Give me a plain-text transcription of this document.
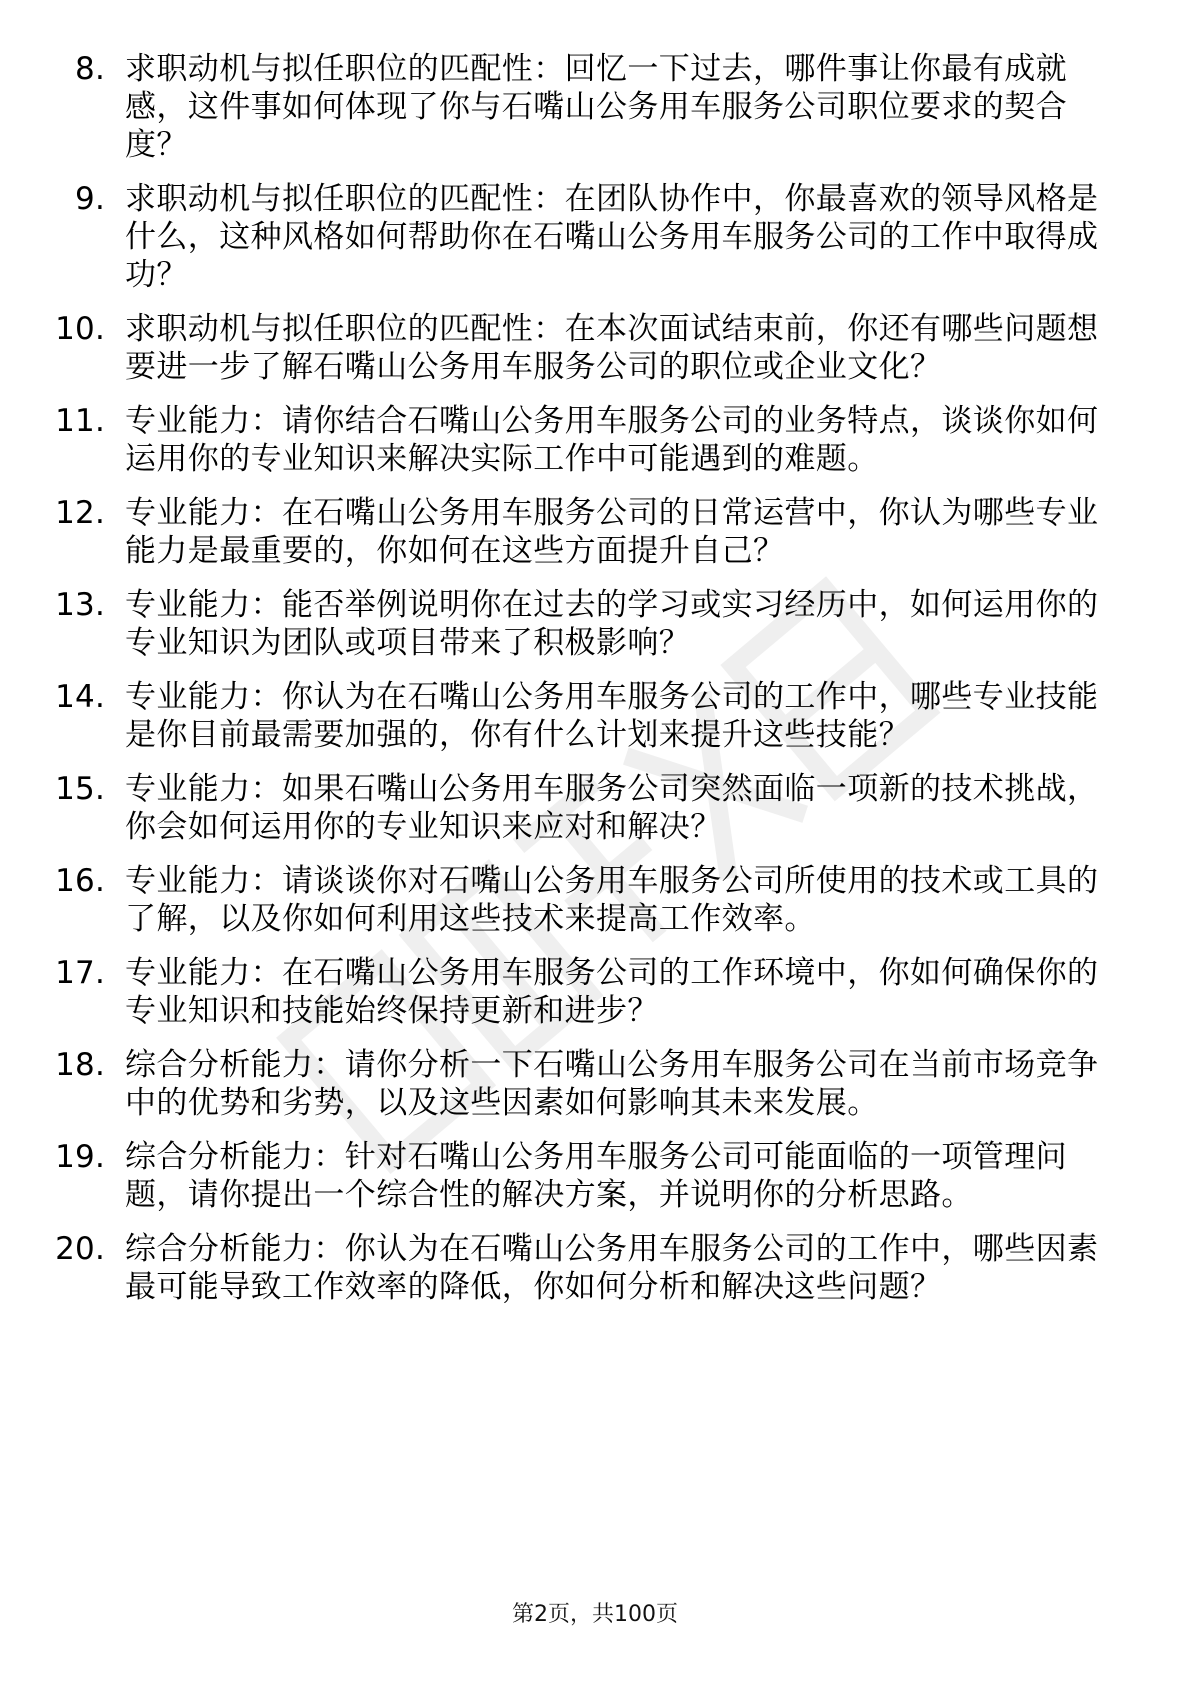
8. 求职动机与拟任职位的匹配性：回忆一下过去，哪件事让你最有成就感，这件事如何体现了你与石嘴山公务用车服务公司职位要求的契合度？
9. 求职动机与拟任职位的匹配性：在团队协作中，你最喜欢的领导风格是什么，这种风格如何帮助你在石嘴山公务用车服务公司的工作中取得成功？
10. 求职动机与拟任职位的匹配性：在本次面试结束前，你还有哪些问题想要进一步了解石嘴山公务用车服务公司的职位或企业文化？
11. 专业能力：请你结合石嘴山公务用车服务公司的业务特点，谈谈你如何运用你的专业知识来解决实际工作中可能遇到的难题。
12. 专业能力：在石嘴山公务用车服务公司的日常运营中，你认为哪些专业能力是最重要的，你如何在这些方面提升自己？
13. 专业能力：能否举例说明你在过去的学习或实习经历中，如何运用你的专业知识为团队或项目带来了积极影响？
14. 专业能力：你认为在石嘴山公务用车服务公司的工作中，哪些专业技能是你目前最需要加强的，你有什么计划来提升这些技能？
15. 专业能力：如果石嘴山公务用车服务公司突然面临一项新的技术挑战，你会如何运用你的专业知识来应对和解决？
16. 专业能力：请谈谈你对石嘴山公务用车服务公司所使用的技术或工具的了解，以及你如何利用这些技术来提高工作效率。
17. 专业能力：在石嘴山公务用车服务公司的工作环境中，你如何确保你的专业知识和技能始终保持更新和进步？
18. 综合分析能力：请你分析一下石嘴山公务用车服务公司在当前市场竞争中的优势和劣势，以及这些因素如何影响其未来发展。
19. 综合分析能力：针对石嘴山公务用车服务公司可能面临的一项管理问题，请你提出一个综合性的解决方案，并说明你的分析思路。
20. 综合分析能力：你认为在石嘴山公务用车服务公司的工作中，哪些因素最可能导致工作效率的降低，你如何分析和解决这些问题？
第2页，共100页
